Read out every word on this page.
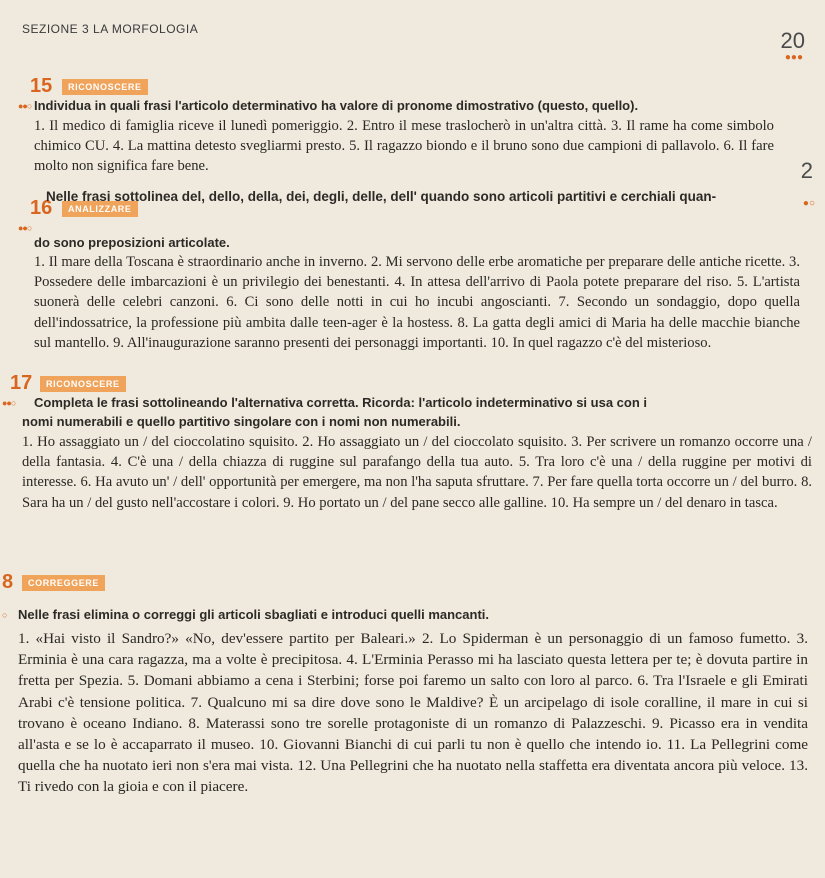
SEZIONE 3 LA MORFOLOGIA	20
●●●
2
●○
15	RICONOSCERE
●●○ Individua in quali frasi l'articolo determinativo ha valore di pronome dimostrativo (questo, quello).
1. Il medico di famiglia riceve il lunedì pomeriggio. 2. Entro il mese traslocherò in un'altra città. 3. Il rame ha come simbolo chimico CU. 4. La mattina detesto svegliarmi presto. 5. Il ragazzo biondo e il bruno sono due campioni di pallavolo. 6. Il fare molto non significa fare bene.
16	ANALIZZARE
●●○
Nelle frasi sottolinea del, dello, della, dei, degli, delle, dell' quando sono articoli partitivi e cerchiali quan-
do sono preposizioni articolate.
1. Il mare della Toscana è straordinario anche in inverno. 2. Mi servono delle erbe aromatiche per preparare delle antiche ricette. 3. Possedere delle imbarcazioni è un privilegio dei benestanti. 4. In attesa dell'arrivo di Paola potete preparare del riso. 5. L'artista suonerà delle celebri canzoni. 6. Ci sono delle notti in cui ho incubi angoscianti. 7. Secondo un sondaggio, dopo quella dell'indossatrice, la professione più ambita dalle teen-ager è la hostess. 8. La gatta degli amici di Maria ha delle macchie bianche sul mantello. 9. All'inaugurazione saranno presenti dei personaggi importanti. 10. In quel ragazzo c'è del misterioso.
17	RICONOSCERE
●●○ Completa le frasi sottolineando l'alternativa corretta. Ricorda: l'articolo indeterminativo si usa con i
nomi numerabili e quello partitivo singolare con i nomi non numerabili.
1. Ho assaggiato un / del cioccolatino squisito. 2. Ho assaggiato un / del cioccolato squisito. 3. Per scrivere un romanzo occorre una / della fantasia. 4. C'è una / della chiazza di ruggine sul parafango della tua auto. 5. Tra loro c'è una / della ruggine per motivi di interesse. 6. Ha avuto un' / dell' opportunità per emergere, ma non l'ha saputa sfruttare. 7. Per fare quella torta occorre un / del burro. 8. Sara ha un / del gusto nell'accostare i colori. 9. Ho portato un / del pane secco alle galline. 10. Ha sempre un / del denaro in tasca.
8	CORREGGERE
○ Nelle frasi elimina o correggi gli articoli sbagliati e introduci quelli mancanti.
1. «Hai visto il Sandro?» «No, dev'essere partito per Baleari.» 2. Lo Spiderman è un personaggio di un famoso fumetto. 3. Erminia è una cara ragazza, ma a volte è precipitosa. 4. L'Erminia Perasso mi ha lasciato questa lettera per te; è dovuta partire in fretta per Spezia. 5. Domani abbiamo a cena i Sterbini; forse poi faremo un salto con loro al parco. 6. Tra l'Israele e gli Emirati Arabi c'è tensione politica. 7. Qualcuno mi sa dire dove sono le Maldive? È un arcipelago di isole coralline, il mare in cui si trovano è oceano Indiano. 8. Materassi sono tre sorelle protagoniste di un romanzo di Palazzeschi. 9. Picasso era in vendita all'asta e se lo è accaparrato il museo. 10. Giovanni Bianchi di cui parli tu non è quello che intendo io. 11. La Pellegrini come quella che ha nuotato ieri non s'era mai vista. 12. Una Pellegrini che ha nuotato nella staffetta era diventata ancora più veloce. 13. Ti rivedo con la gioia e con il piacere.
